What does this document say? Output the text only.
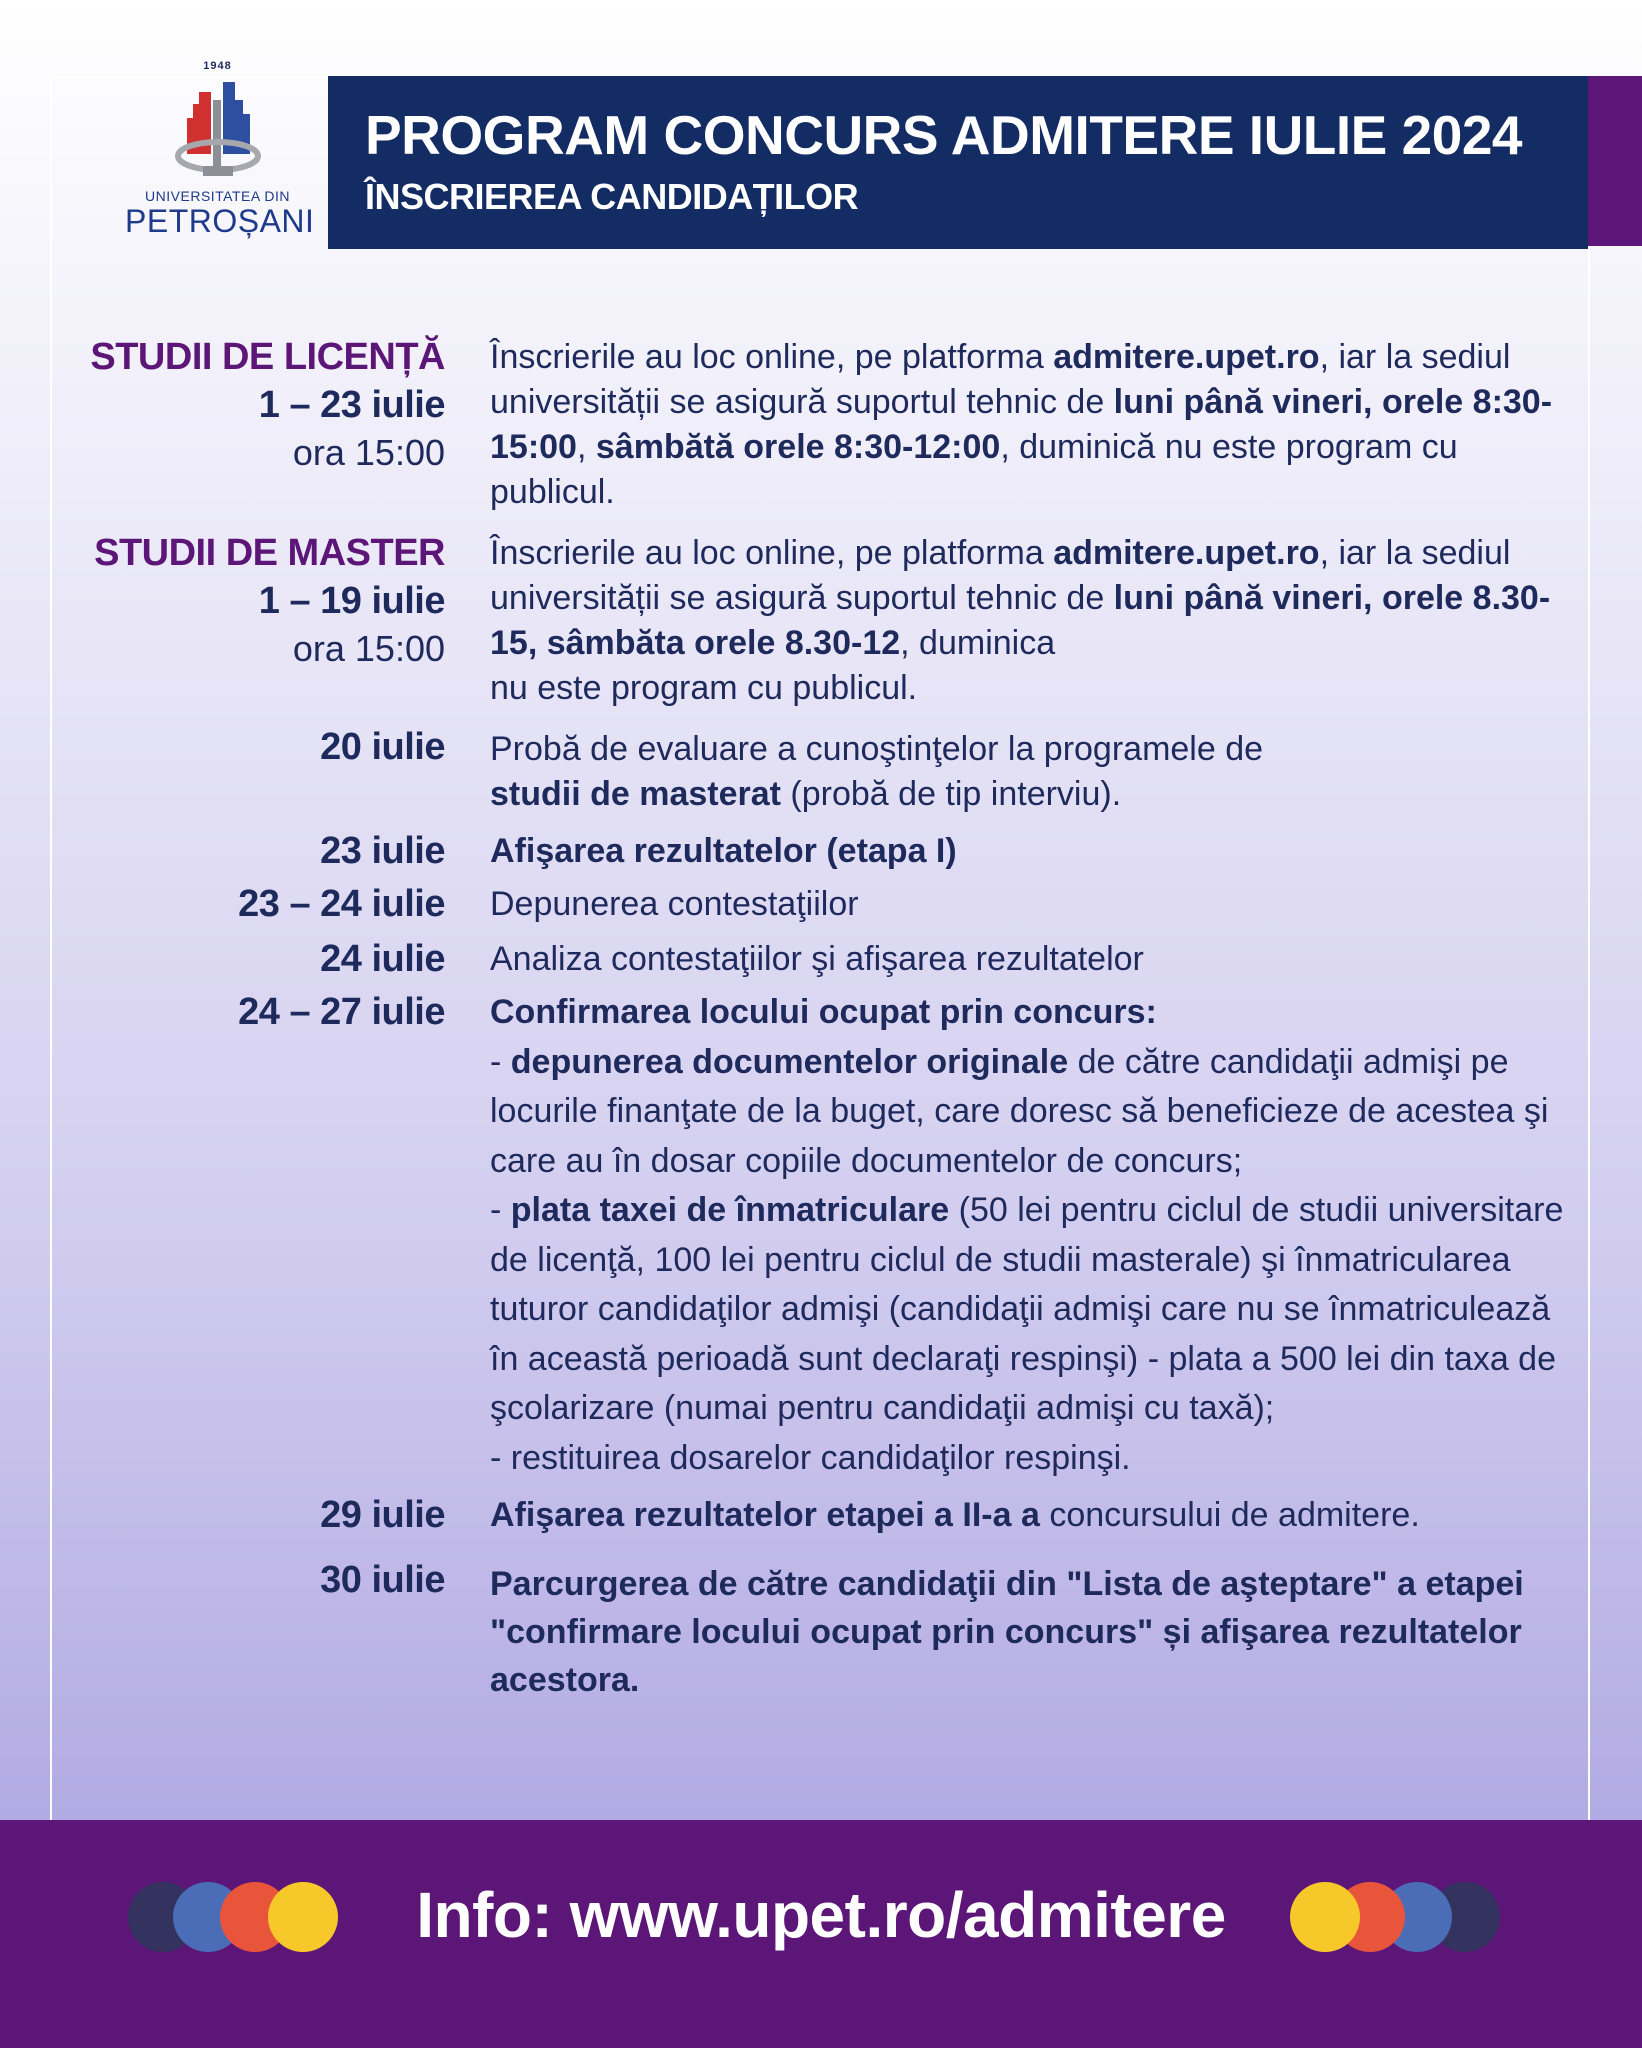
1948
UNIVERSITATEA DIN
PETROȘANI
PROGRAM CONCURS ADMITERE IULIE 2024
ÎNSCRIEREA CANDIDAȚILOR
STUDII DE LICENȚĂ
1 – 23 iulie
ora 15:00
Înscrierile au loc online, pe platforma admitere.upet.ro, iar la sediul universității se asigură suportul tehnic de luni până vineri, orele 8:30-15:00, sâmbătă orele 8:30-12:00, duminică nu este program cu publicul.
STUDII DE MASTER
1 – 19 iulie
ora 15:00
Înscrierile au loc online, pe platforma admitere.upet.ro, iar la sediul universității se asigură suportul tehnic de luni până vineri, orele 8.30-15, sâmbăta orele 8.30-12, duminica
nu este program cu publicul.
20 iulie Probă de evaluare a cunoştinţelor la programele de
studii de masterat (probă de tip interviu).
23 iulie Afişarea rezultatelor (etapa I)
23 – 24 iulie Depunerea contestaţiilor
24 iulie Analiza contestaţiilor şi afişarea rezultatelor
24 – 27 iulie Confirmarea locului ocupat prin concurs:
- depunerea documentelor originale de către candidaţii admişi pe locurile finanţate de la buget, care doresc să beneficieze de acestea şi care au în dosar copiile documentelor de concurs;
- plata taxei de înmatriculare (50 lei pentru ciclul de studii universitare de licenţă, 100 lei pentru ciclul de studii masterale) şi înmatricularea tuturor candidaţilor admişi (candidaţii admişi care nu se înmatriculează în această perioadă sunt declaraţi respinşi) - plata a 500 lei din taxa de şcolarizare (numai pentru candidaţii admişi cu taxă);
- restituirea dosarelor candidaţilor respinşi.
29 iulie Afişarea rezultatelor etapei a II-a a concursului de admitere.
30 iulie Parcurgerea de către candidaţii din "Lista de aşteptare" a etapei "confirmare locului ocupat prin concurs" și afişarea rezultatelor acestora.
Info: www.upet.ro/admitere
